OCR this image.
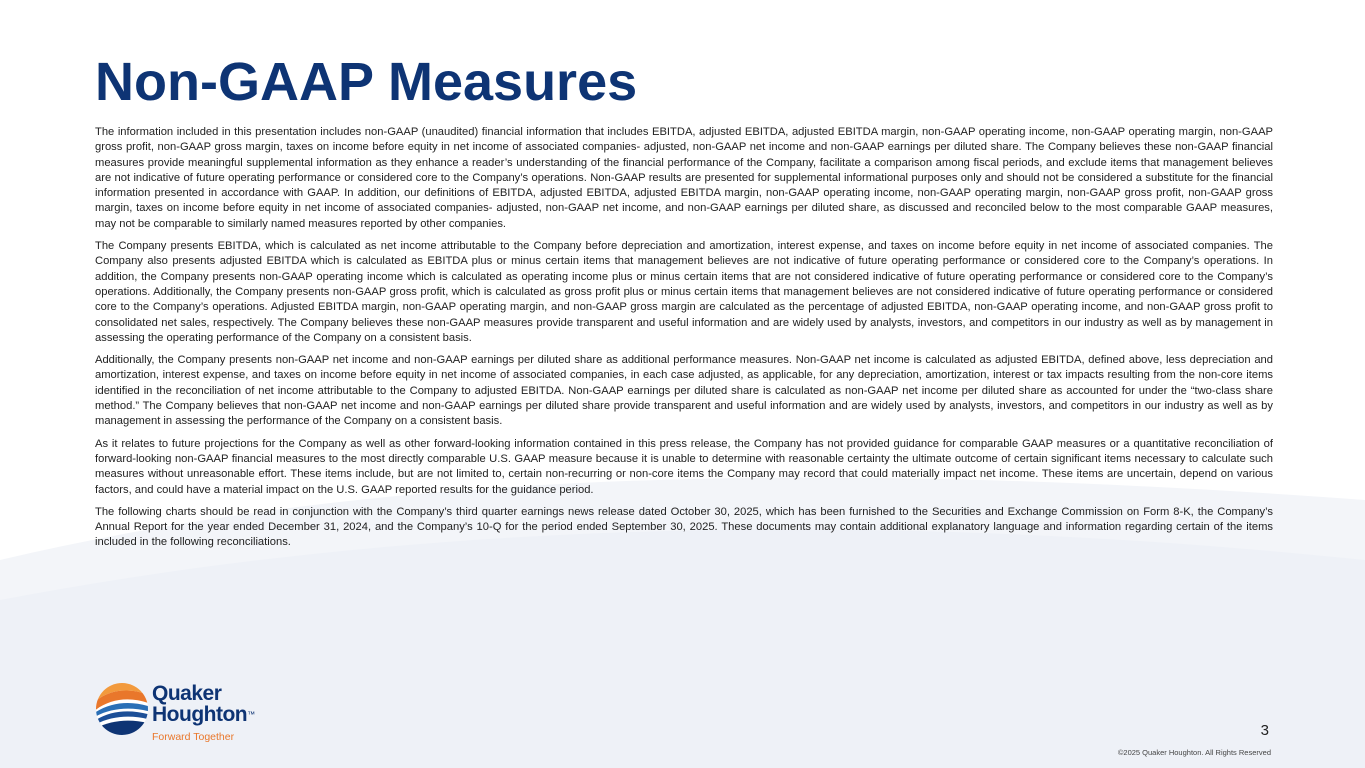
Non-GAAP Measures

The information included in this presentation includes non-GAAP (unaudited) financial information that includes EBITDA, adjusted EBITDA, adjusted EBITDA margin, non-GAAP operating income, non-GAAP operating margin, non-GAAP gross profit, non-GAAP gross margin, taxes on income before equity in net income of associated companies- adjusted, non-GAAP net income and non-GAAP earnings per diluted share. The Company believes these non-GAAP financial measures provide meaningful supplemental information as they enhance a reader’s understanding of the financial performance of the Company, facilitate a comparison among fiscal periods, and exclude items that management believes are not indicative of future operating performance or considered core to the Company’s operations. Non-GAAP results are presented for supplemental informational purposes only and should not be considered a substitute for the financial information presented in accordance with GAAP. In addition, our definitions of EBITDA, adjusted EBITDA, adjusted EBITDA margin, non-GAAP operating income, non-GAAP operating margin, non-GAAP gross profit, non-GAAP gross margin, taxes on income before equity in net income of associated companies- adjusted, non-GAAP net income, and non-GAAP earnings per diluted share, as discussed and reconciled below to the most comparable GAAP measures, may not be comparable to similarly named measures reported by other companies.

The Company presents EBITDA, which is calculated as net income attributable to the Company before depreciation and amortization, interest expense, and taxes on income before equity in net income of associated companies. The Company also presents adjusted EBITDA which is calculated as EBITDA plus or minus certain items that management believes are not indicative of future operating performance or considered core to the Company’s operations. In addition, the Company presents non-GAAP operating income which is calculated as operating income plus or minus certain items that are not considered indicative of future operating performance or considered core to the Company’s operations. Additionally, the Company presents non-GAAP gross profit, which is calculated as gross profit plus or minus certain items that management believes are not considered indicative of future operating performance or considered core to the Company’s operations. Adjusted EBITDA margin, non-GAAP operating margin, and non-GAAP gross margin are calculated as the percentage of adjusted EBITDA, non-GAAP operating income, and non-GAAP gross profit to consolidated net sales, respectively. The Company believes these non-GAAP measures provide transparent and useful information and are widely used by analysts, investors, and competitors in our industry as well as by management in assessing the operating performance of the Company on a consistent basis.

Additionally, the Company presents non-GAAP net income and non-GAAP earnings per diluted share as additional performance measures. Non-GAAP net income is calculated as adjusted EBITDA, defined above, less depreciation and amortization, interest expense, and taxes on income before equity in net income of associated companies, in each case adjusted, as applicable, for any depreciation, amortization, interest or tax impacts resulting from the non-core items identified in the reconciliation of net income attributable to the Company to adjusted EBITDA. Non-GAAP earnings per diluted share is calculated as non-GAAP net income per diluted share as accounted for under the “two-class share method.” The Company believes that non-GAAP net income and non-GAAP earnings per diluted share provide transparent and useful information and are widely used by analysts, investors, and competitors in our industry as well as by management in assessing the performance of the Company on a consistent basis.

As it relates to future projections for the Company as well as other forward-looking information contained in this press release, the Company has not provided guidance for comparable GAAP measures or a quantitative reconciliation of forward-looking non-GAAP financial measures to the most directly comparable U.S. GAAP measure because it is unable to determine with reasonable certainty the ultimate outcome of certain significant items necessary to calculate such measures without unreasonable effort. These items include, but are not limited to, certain non-recurring or non-core items the Company may record that could materially impact net income. These items are uncertain, depend on various factors, and could have a material impact on the U.S. GAAP reported results for the guidance period.

The following charts should be read in conjunction with the Company’s third quarter earnings news release dated October 30, 2025, which has been furnished to the Securities and Exchange Commission on Form 8-K, the Company’s Annual Report for the year ended December 31, 2024, and the Company’s 10-Q for the period ended September 30, 2025. These documents may contain additional explanatory language and information regarding certain of the items included in the following reconciliations.

Quaker
Houghton™
Forward Together	3
©2025 Quaker Houghton. All Rights Reserved
